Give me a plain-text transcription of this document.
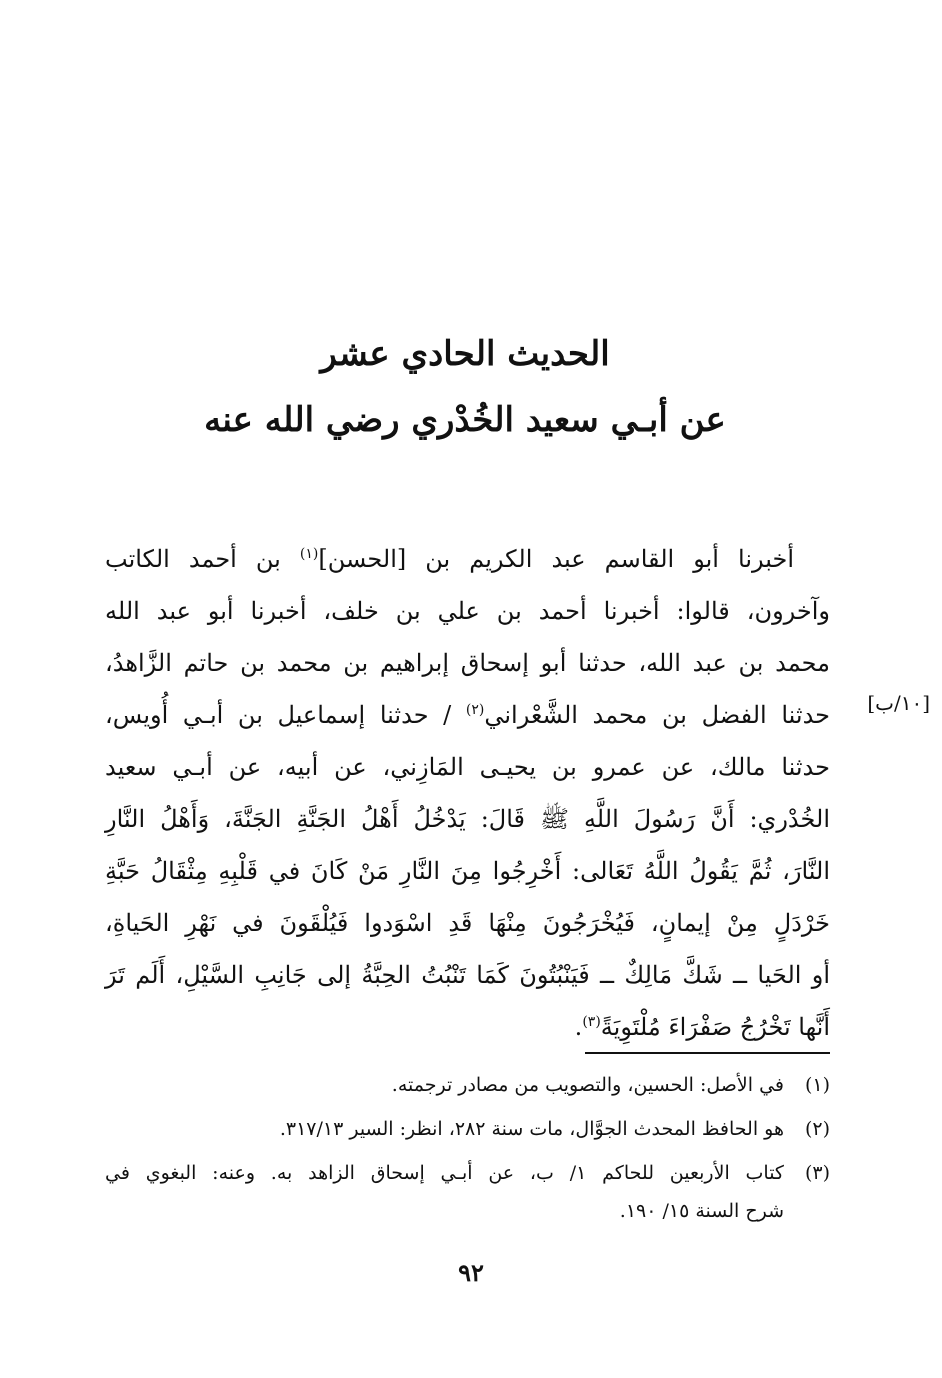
الحديث الحادي عشر
عن أبـي سعيد الخُدْري رضي الله عنه
[١٠/ب]
أخبرنا أبو القاسم عبد الكريم بن [الحسن]$^{(١)}$ بن أحمد الكاتب
وآخرون، قالوا: أخبرنا أحمد بن علي بن خلف، أخبرنا أبو عبد الله
محمد بن عبد الله، حدثنا أبو إسحاق إبراهيم بن محمد بن حاتم الزَّاهدُ،
حدثنا الفضل بن محمد الشَّعْراني$^{(٢)}$ / حدثنا إسماعيل بن أبـي أُويس،
حدثنا مالك، عن عمرو بن يحيـى المَازِني، عن أبيه، عن أبـي سعيد
الخُدْري: أَنَّ رَسُولَ اللَّهِ ﷺ قَالَ: يَدْخُلُ أَهْلُ الجَنَّةِ الجَنَّةَ، وَأَهْلُ النَّارِ
النَّارَ، ثُمَّ يَقُولُ اللَّهُ تَعَالى: أَخْرِجُوا مِنَ النَّارِ مَنْ كَانَ في قَلْبِهِ مِثْقَالُ حَبَّةِ
خَرْدَلٍ مِنْ إيمانٍ، فَيُخْرَجُونَ مِنْهَا قَدِ اسْوَدوا فَيُلْقَونَ في نَهْرِ الحَياةِ،
أو الحَيا ــ شَكَّ مَالِكٌ ــ فَيَنْبُتُونَ كَمَا تَنْبُتُ الحِبَّةُ إلى جَانِبِ السَّيْلِ، أَلَم تَرَ
أَنَّها تَخْرُجُ صَفْرَاءَ مُلْتَوِيَةً$^{(٣)}$.
(١)
في الأصل: الحسين، والتصويب من مصادر ترجمته.
(٢)
هو الحافظ المحدث الجوَّال، مات سنة ٢٨٢، انظر: السير ٣١٧/١٣.
(٣)
كتاب الأربعين للحاكم ١/ ب، عن أبـي إسحاق الزاهد به. وعنه: البغوي في
شرح السنة ١٥/ ١٩٠.
٩٢
